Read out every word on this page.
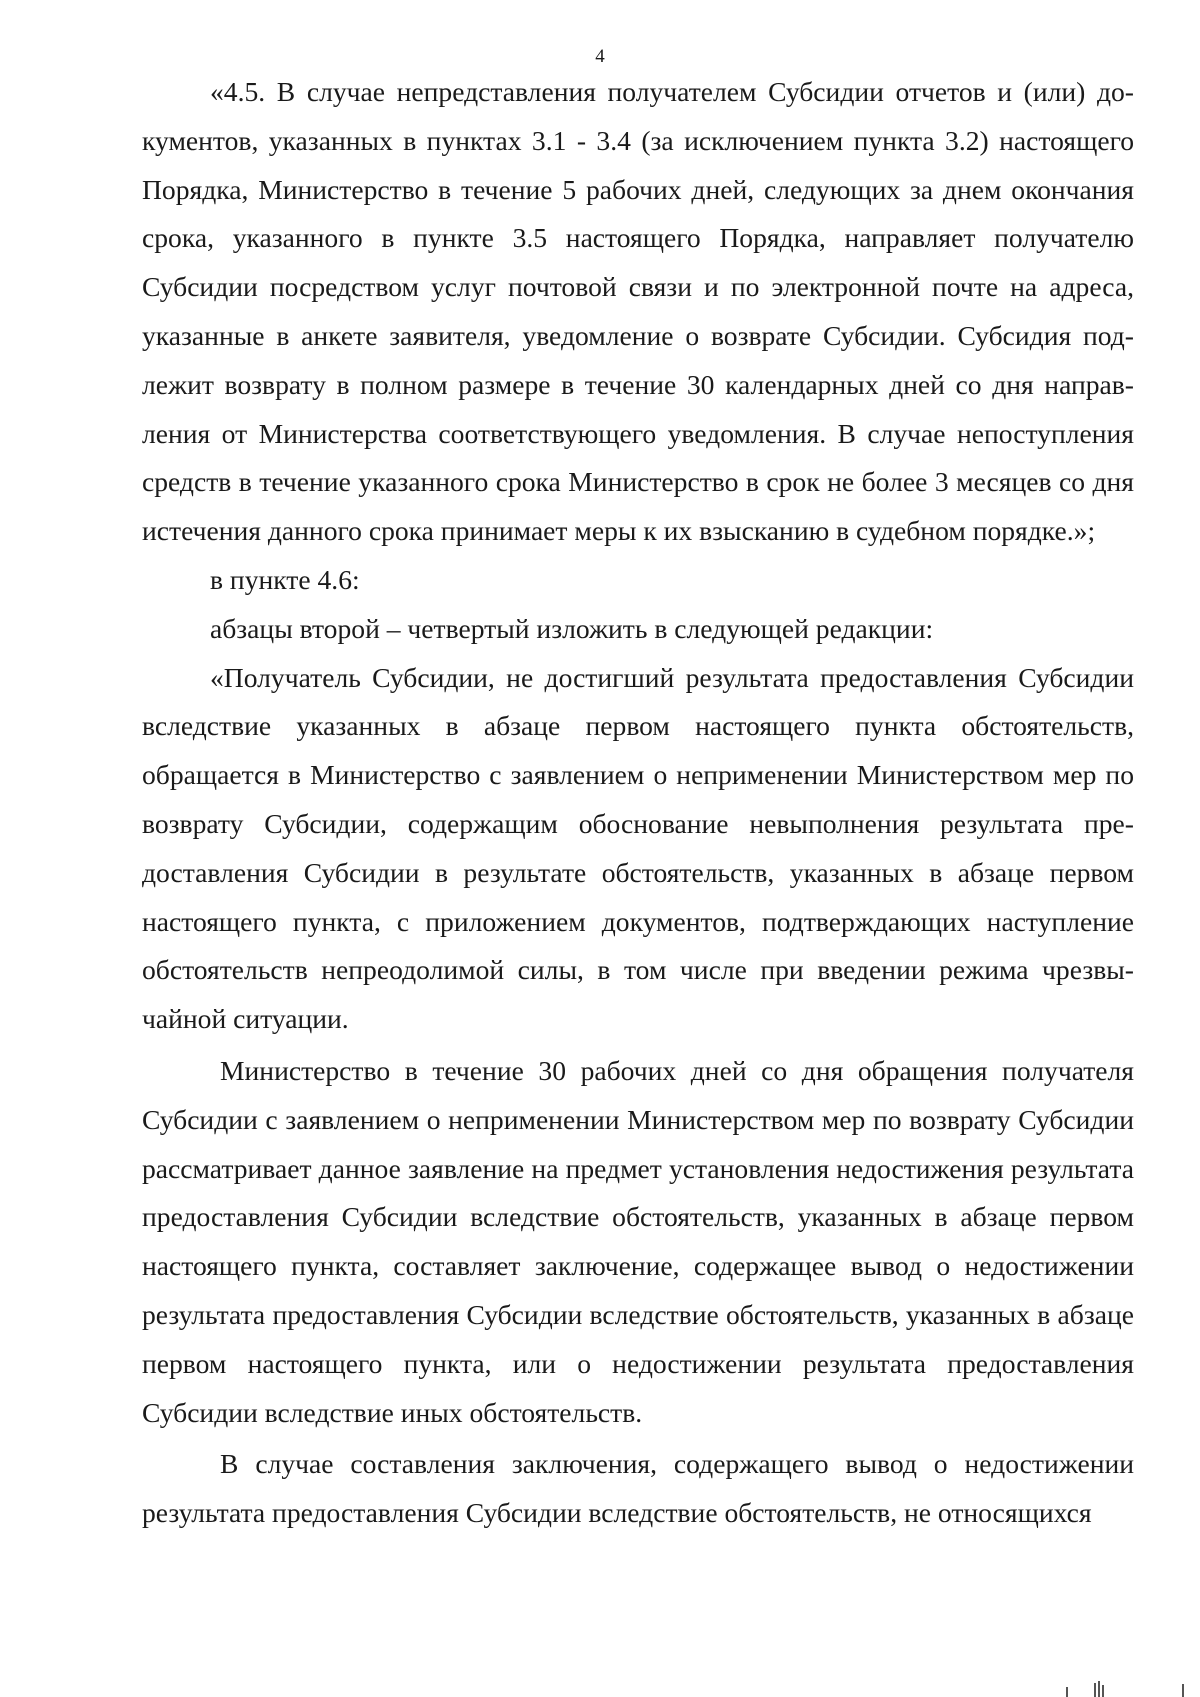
4

«4.5. В случае непредставления получателем Субсидии отчетов и (или) документов, указанных в пунктах 3.1 - 3.4 (за исключением пункта 3.2) настоящего Порядка, Министерство в течение 5 рабочих дней, следующих за днем окончания срока, указанного в пункте 3.5 настоящего Порядка, направляет получателю Субсидии посредством услуг почтовой связи и по электронной почте на адреса, указанные в анкете заявителя, уведомление о возврате Субсидии. Субсидия подлежит возврату в полном размере в течение 30 календарных дней со дня направления от Министерства соответствующего уведомления. В случае непоступления средств в течение указанного срока Министерство в срок не более 3 месяцев со дня истечения данного срока принимает меры к их взысканию в судебном порядке.»;

в пункте 4.6:

абзацы второй – четвертый изложить в следующей редакции:

«Получатель Субсидии, не достигший результата предоставления Субсидии вследствие указанных в абзаце первом настоящего пункта обстоятельств, обращается в Министерство с заявлением о неприменении Министерством мер по возврату Субсидии, содержащим обоснование невыполнения результата предоставления Субсидии в результате обстоятельств, указанных в абзаце первом настоящего пункта, с приложением документов, подтверждающих наступление обстоятельств непреодолимой силы, в том числе при введении режима чрезвычайной ситуации.

Министерство в течение 30 рабочих дней со дня обращения получателя Субсидии с заявлением о неприменении Министерством мер по возврату Субсидии рассматривает данное заявление на предмет установления недостижения результата предоставления Субсидии вследствие обстоятельств, указанных в абзаце первом настоящего пункта, составляет заключение, содержащее вывод о недостижении результата предоставления Субсидии вследствие обстоятельств, указанных в абзаце первом настоящего пункта, или о недостижении результата предоставления Субсидии вследствие иных обстоятельств.

В случае составления заключения, содержащего вывод о недостижении результата предоставления Субсидии вследствие обстоятельств, не относящихся
